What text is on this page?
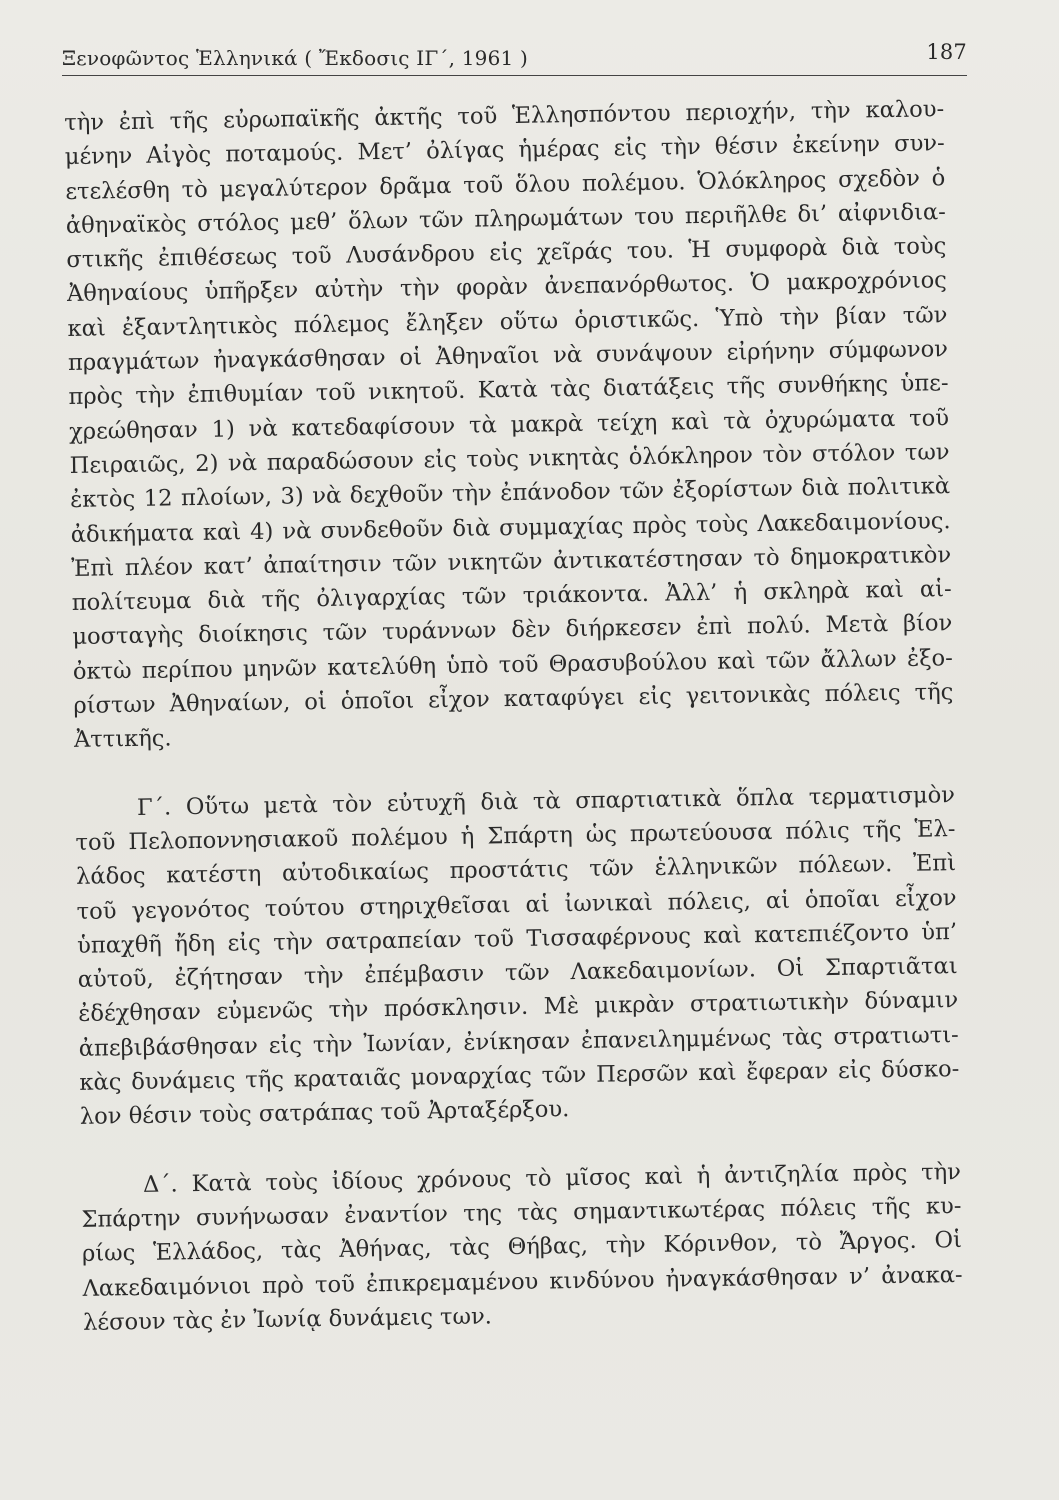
Ξενοφῶντος Ἑλληνικά ( Ἔκδοσις ΙΓ΄, 1961 )	187
τὴν ἐπὶ τῆς εὐρωπαϊκῆς ἀκτῆς τοῦ Ἑλλησπόντου περιοχήν, τὴν καλου-
μένην Αἰγὸς ποταμούς. Μετ’ ὀλίγας ἡμέρας εἰς τὴν θέσιν ἐκείνην συν-
ετελέσθη τὸ μεγαλύτερον δρᾶμα τοῦ ὅλου πολέμου. Ὁλόκληρος σχεδὸν ὁ
ἀθηναϊκὸς στόλος μεθ’ ὅλων τῶν πληρωμάτων του περιῆλθε δι’ αἰφνιδια-
στικῆς ἐπιθέσεως τοῦ Λυσάνδρου εἰς χεῖράς του. Ἡ συμφορὰ διὰ τοὺς
Ἀθηναίους ὑπῆρξεν αὐτὴν τὴν φορὰν ἀνεπανόρθωτος. Ὁ μακροχρόνιος
καὶ ἐξαντλητικὸς πόλεμος ἔληξεν οὕτω ὁριστικῶς. Ὑπὸ τὴν βίαν τῶν
πραγμάτων ἠναγκάσθησαν οἱ Ἀθηναῖοι νὰ συνάψουν εἰρήνην σύμφωνον
πρὸς τὴν ἐπιθυμίαν τοῦ νικητοῦ. Κατὰ τὰς διατάξεις τῆς συνθήκης ὑπε-
χρεώθησαν 1) νὰ κατεδαφίσουν τὰ μακρὰ τείχη καὶ τὰ ὀχυρώματα τοῦ
Πειραιῶς, 2) νὰ παραδώσουν εἰς τοὺς νικητὰς ὁλόκληρον τὸν στόλον των
ἐκτὸς 12 πλοίων, 3) νὰ δεχθοῦν τὴν ἐπάνοδον τῶν ἐξορίστων διὰ πολιτικὰ
ἀδικήματα καὶ 4) νὰ συνδεθοῦν διὰ συμμαχίας πρὸς τοὺς Λακεδαιμονίους.
Ἐπὶ πλέον κατ’ ἀπαίτησιν τῶν νικητῶν ἀντικατέστησαν τὸ δημοκρατικὸν
πολίτευμα διὰ τῆς ὀλιγαρχίας τῶν τριάκοντα. Ἀλλ’ ἡ σκληρὰ καὶ αἱ-
μοσταγὴς διοίκησις τῶν τυράννων δὲν διήρκεσεν ἐπὶ πολύ. Μετὰ βίον
ὀκτὼ περίπου μηνῶν κατελύθη ὑπὸ τοῦ Θρασυβούλου καὶ τῶν ἄλλων ἐξο-
ρίστων Ἀθηναίων, οἱ ὁποῖοι εἶχον καταφύγει εἰς γειτονικὰς πόλεις τῆς
Ἀττικῆς.
Γ΄. Οὕτω μετὰ τὸν εὐτυχῆ διὰ τὰ σπαρτιατικὰ ὅπλα τερματισμὸν
τοῦ Πελοποννησιακοῦ πολέμου ἡ Σπάρτη ὡς πρωτεύουσα πόλις τῆς Ἑλ-
λάδος κατέστη αὐτοδικαίως προστάτις τῶν ἑλληνικῶν πόλεων. Ἐπὶ
τοῦ γεγονότος τούτου στηριχθεῖσαι αἱ ἰωνικαὶ πόλεις, αἱ ὁποῖαι εἶχον
ὑπαχθῆ ἤδη εἰς τὴν σατραπείαν τοῦ Τισσαφέρνους καὶ κατεπιέζοντο ὑπ’
αὐτοῦ, ἐζήτησαν τὴν ἐπέμβασιν τῶν Λακεδαιμονίων. Οἱ Σπαρτιᾶται
ἐδέχθησαν εὐμενῶς τὴν πρόσκλησιν. Μὲ μικρὰν στρατιωτικὴν δύναμιν
ἀπεβιβάσθησαν εἰς τὴν Ἰωνίαν, ἐνίκησαν ἐπανειλημμένως τὰς στρατιωτι-
κὰς δυνάμεις τῆς κραταιᾶς μοναρχίας τῶν Περσῶν καὶ ἔφεραν εἰς δύσκο-
λον θέσιν τοὺς σατράπας τοῦ Ἀρταξέρξου.
Δ΄. Κατὰ τοὺς ἰδίους χρόνους τὸ μῖσος καὶ ἡ ἀντιζηλία πρὸς τὴν
Σπάρτην συνήνωσαν ἐναντίον της τὰς σημαντικωτέρας πόλεις τῆς κυ-
ρίως Ἑλλάδος, τὰς Ἀθήνας, τὰς Θήβας, τὴν Κόρινθον, τὸ Ἄργος. Οἱ
Λακεδαιμόνιοι πρὸ τοῦ ἐπικρεμαμένου κινδύνου ἠναγκάσθησαν ν’ ἀνακα-
λέσουν τὰς ἐν Ἰωνίᾳ δυνάμεις των.
